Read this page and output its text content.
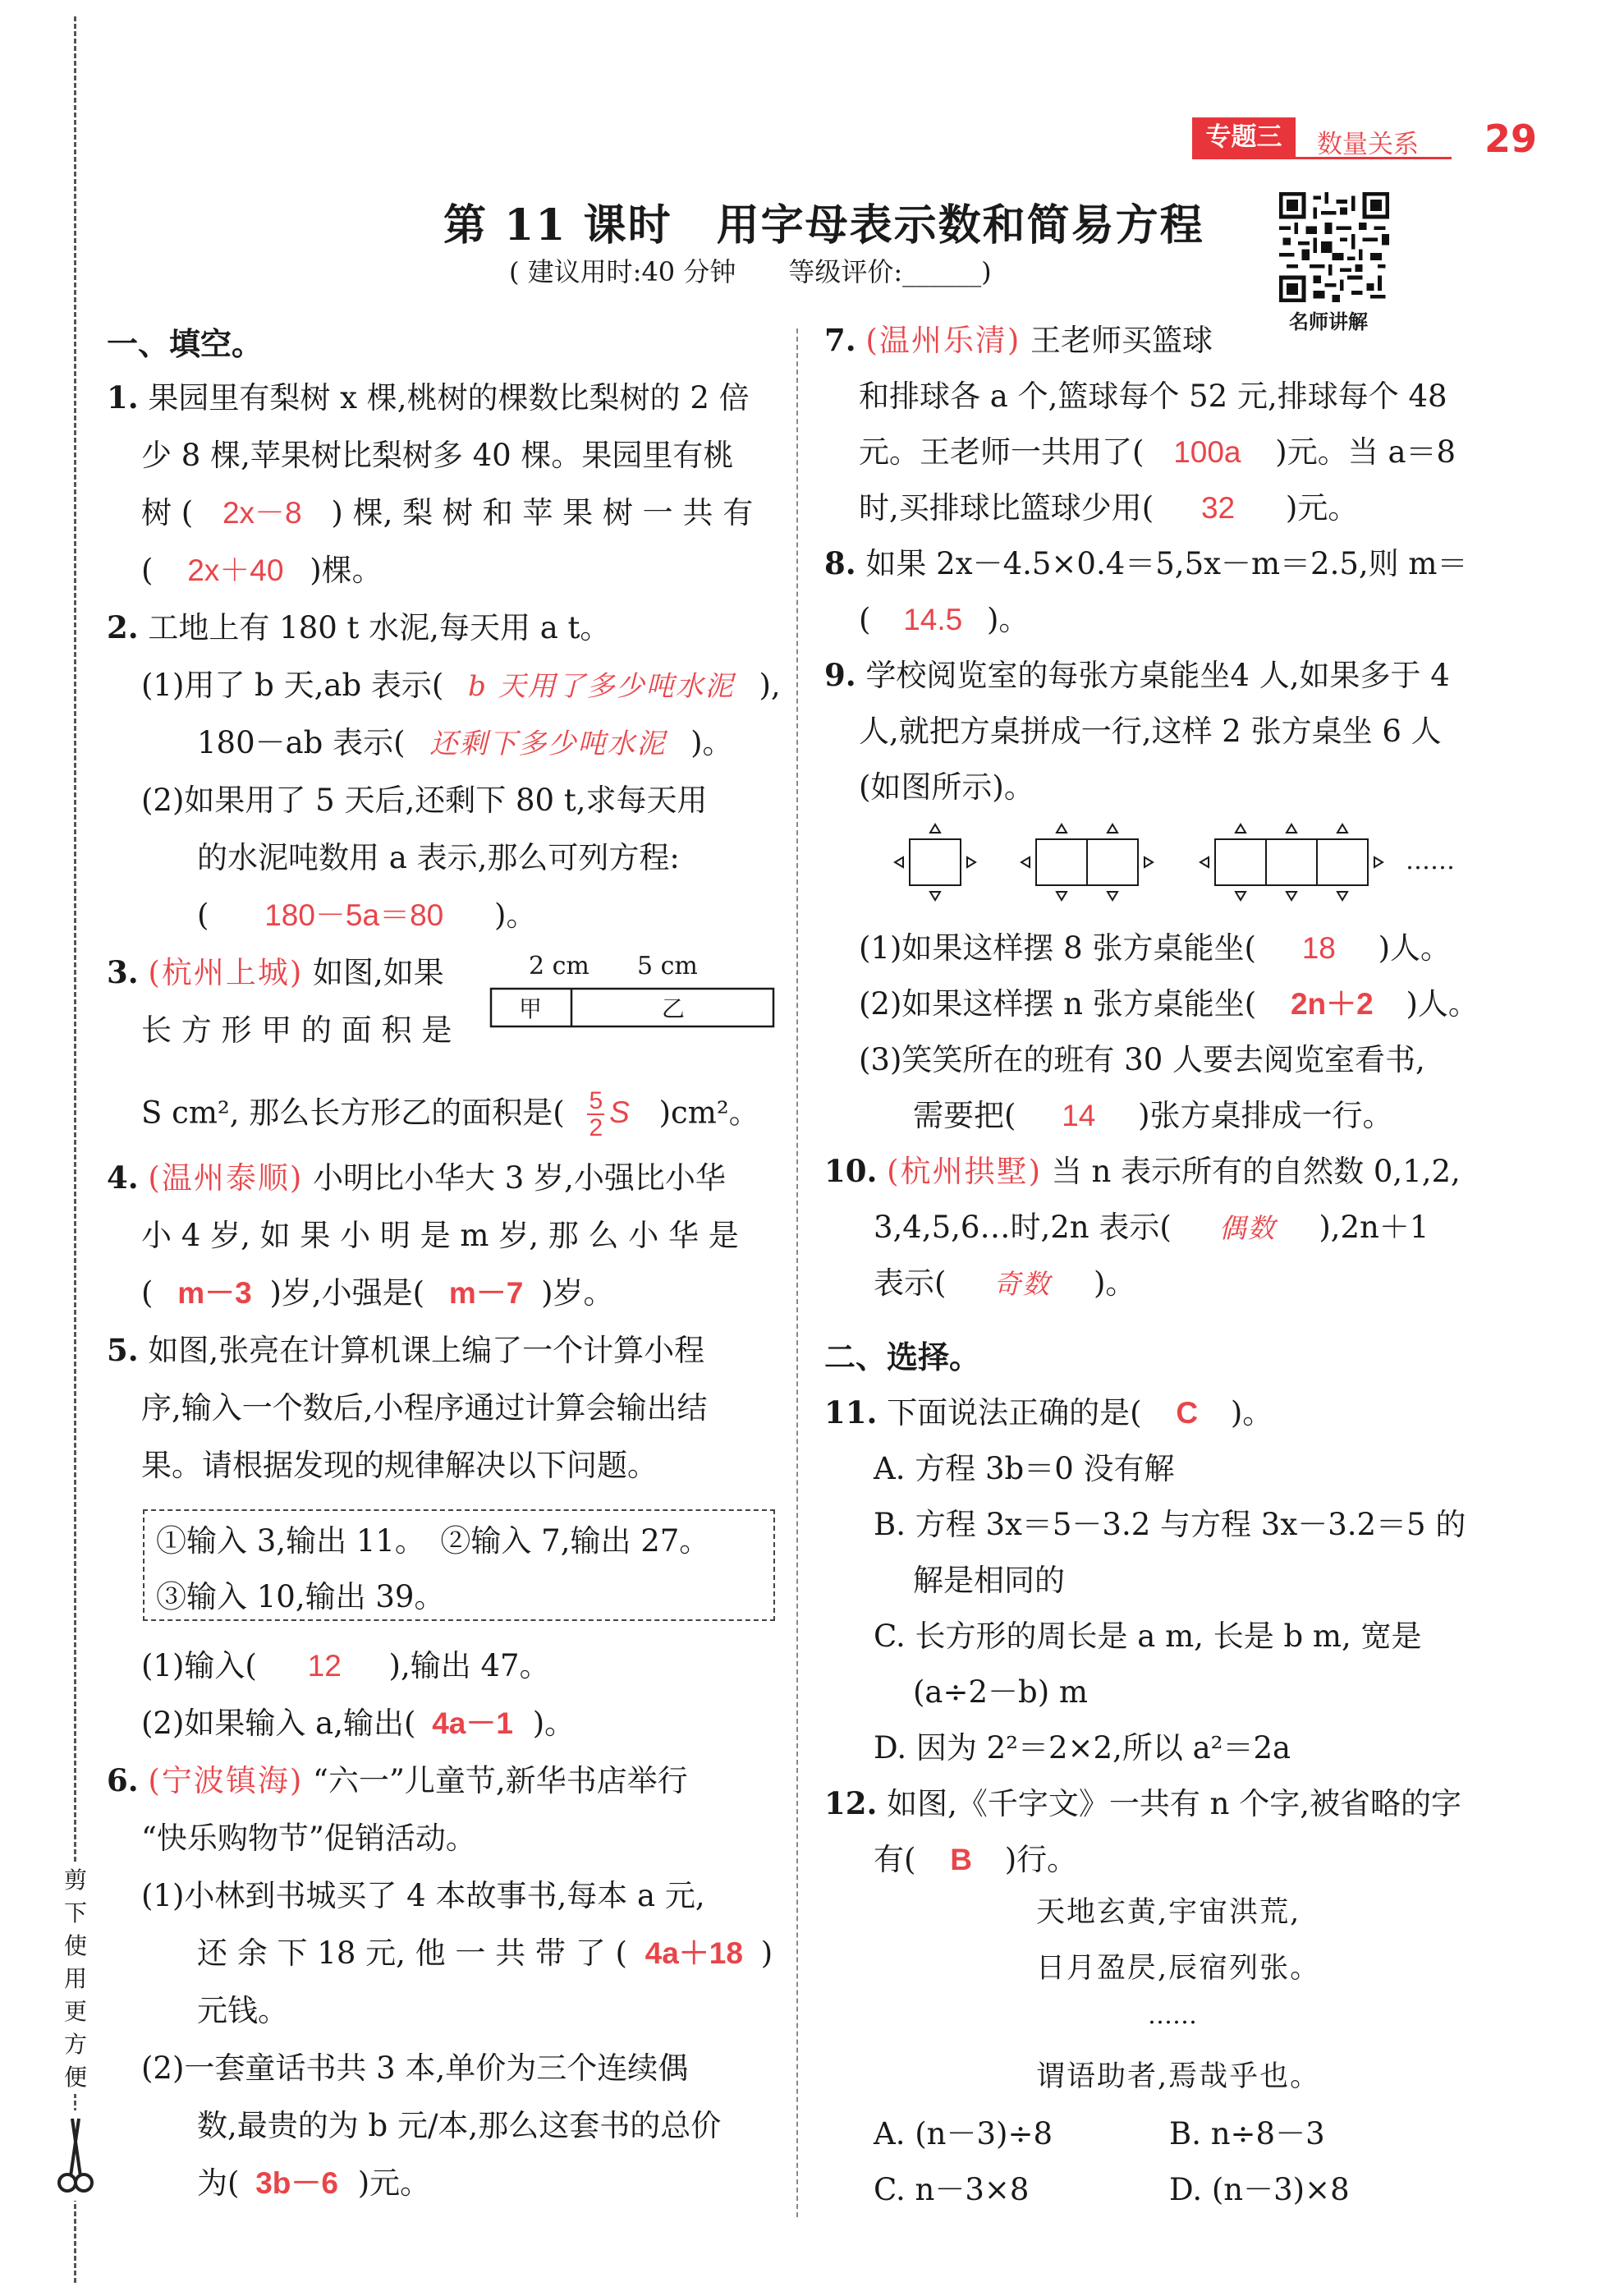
剪
下
使
用
更
方
便
专题三	数量关系 29
第 11 课时　用字母表示数和简易方程
( 建议用时:40 分钟　　等级评价:______)
名师讲解
一、填空。
1. 果园里有梨树 x 棵,桃树的棵数比梨树的 2 倍
少 8 棵,苹果树比梨树多 40 棵。果园里有桃
树 ( 2x－8 ) 棵, 梨 树 和 苹 果 树 一 共 有
( 2x＋40 )棵。
2. 工地上有 180 t 水泥,每天用 a t。
(1)用了 b 天,ab 表示( b 天用了多少吨水泥 ),
180－ab 表示( 还剩下多少吨水泥 )。
(2)如果用了 5 天后,还剩下 80 t,求每天用
的水泥吨数用 a 表示,那么可列方程:
( 180－5a＝80 )。
3. (杭州上城) 如图,如果
长 方 形 甲 的 面 积 是
S cm², 那么长方形乙的面积是( $\frac{5}{2}$ S )cm²。
2 cm 5 cm
甲	乙
4. (温州泰顺) 小明比小华大 3 岁,小强比小华
小 4 岁, 如 果 小 明 是 m 岁, 那 么 小 华 是
( m－3 )岁,小强是( m－7 )岁。
5. 如图,张亮在计算机课上编了一个计算小程
序,输入一个数后,小程序通过计算会输出结
果。请根据发现的规律解决以下问题。
①输入 3,输出 11。　②输入 7,输出 27。
③输入 10,输出 39。
(1)输入( 12 ),输出 47。
(2)如果输入 a,输出( 4a－1 )。
6. (宁波镇海) “六一”儿童节,新华书店举行
“快乐购物节”促销活动。
(1)小林到书城买了 4 本故事书,每本 a 元,
还 余 下 18 元, 他 一 共 带 了 ( 4a＋18 )
元钱。
(2)一套童话书共 3 本,单价为三个连续偶
数,最贵的为 b 元/本,那么这套书的总价
为( 3b－6 )元。
7. (温州乐清) 王老师买篮球
和排球各 a 个,篮球每个 52 元,排球每个 48
元。王老师一共用了( 100a )元。当 a＝8
时,买排球比篮球少用( 32 )元。
8. 如果 2x－4.5×0.4＝5,5x－m＝2.5,则 m＝
( 14.5 )。
9. 学校阅览室的每张方桌能坐4 人,如果多于 4
人,就把方桌拼成一行,这样 2 张方桌坐 6 人
(如图所示)。
……
(1)如果这样摆 8 张方桌能坐( 18 )人。
(2)如果这样摆 n 张方桌能坐( 2n＋2 )人。
(3)笑笑所在的班有 30 人要去阅览室看书,
需要把( 14 )张方桌排成一行。
10. (杭州拱墅) 当 n 表示所有的自然数 0,1,2,
3,4,5,6…时,2n 表示( 偶数 ),2n＋1
表示( 奇数 )。
二、选择。
11. 下面说法正确的是( C )。
A. 方程 3b＝0 没有解
B. 方程 3x＝5－3.2 与方程 3x－3.2＝5 的
解是相同的
C. 长方形的周长是 a m, 长是 b m, 宽是
(a÷2－b) m
D. 因为 2²＝2×2,所以 a²＝2a
12. 如图,《千字文》一共有 n 个字,被省略的字
有( B )行。
天地玄黄,宇宙洪荒,
日月盈昃,辰宿列张。
……
谓语助者,焉哉乎也。
A. (n－3)÷8	B. n÷8－3
C. n－3×8	D. (n－3)×8
